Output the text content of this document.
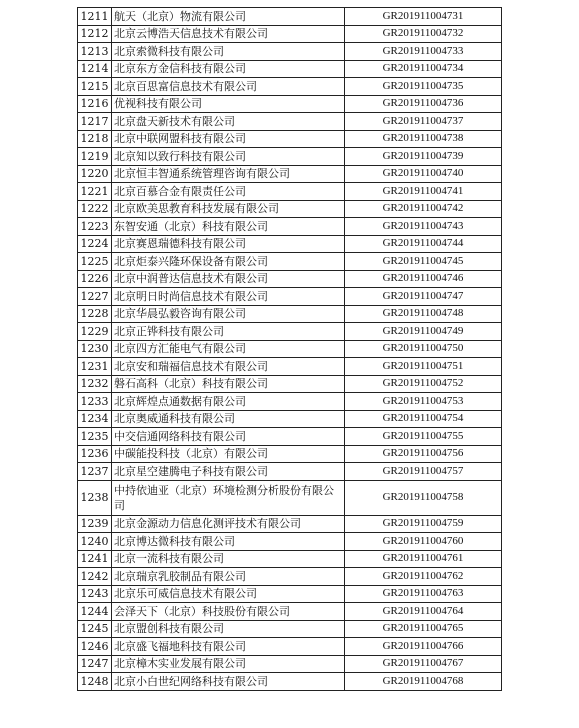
1211	航天（北京）物流有限公司	GR201911004731
1212	北京云博浩天信息技术有限公司	GR201911004732
1213	北京索微科技有限公司	GR201911004733
1214	北京东方金信科技有限公司	GR201911004734
1215	北京百思富信息技术有限公司	GR201911004735
1216	优视科技有限公司	GR201911004736
1217	北京盘天新技术有限公司	GR201911004737
1218	北京中联网盟科技有限公司	GR201911004738
1219	北京知以致行科技有限公司	GR201911004739
1220	北京恒丰智通系统管理咨询有限公司	GR201911004740
1221	北京百慕合金有限责任公司	GR201911004741
1222	北京欧美思教育科技发展有限公司	GR201911004742
1223	东智安通（北京）科技有限公司	GR201911004743
1224	北京赛恩瑞德科技有限公司	GR201911004744
1225	北京炬泰兴隆环保设备有限公司	GR201911004745
1226	北京中润普达信息技术有限公司	GR201911004746
1227	北京明日时尚信息技术有限公司	GR201911004747
1228	北京华晨弘毅咨询有限公司	GR201911004748
1229	北京正铧科技有限公司	GR201911004749
1230	北京四方汇能电气有限公司	GR201911004750
1231	北京安和瑞福信息技术有限公司	GR201911004751
1232	磐石高科（北京）科技有限公司	GR201911004752
1233	北京辉煌点通数据有限公司	GR201911004753
1234	北京奥威通科技有限公司	GR201911004754
1235	中交信通网络科技有限公司	GR201911004755
1236	中碳能投科技（北京）有限公司	GR201911004756
1237	北京星空建腾电子科技有限公司	GR201911004757
1238	中持依迪亚（北京）环境检测分析股份有限公司	GR201911004758
1239	北京金源动力信息化测评技术有限公司	GR201911004759
1240	北京博达微科技有限公司	GR201911004760
1241	北京一流科技有限公司	GR201911004761
1242	北京瑞京乳胶制品有限公司	GR201911004762
1243	北京乐可威信息技术有限公司	GR201911004763
1244	会泽天下（北京）科技股份有限公司	GR201911004764
1245	北京盟创科技有限公司	GR201911004765
1246	北京盛飞福地科技有限公司	GR201911004766
1247	北京樟木实业发展有限公司	GR201911004767
1248	北京小白世纪网络科技有限公司	GR201911004768
